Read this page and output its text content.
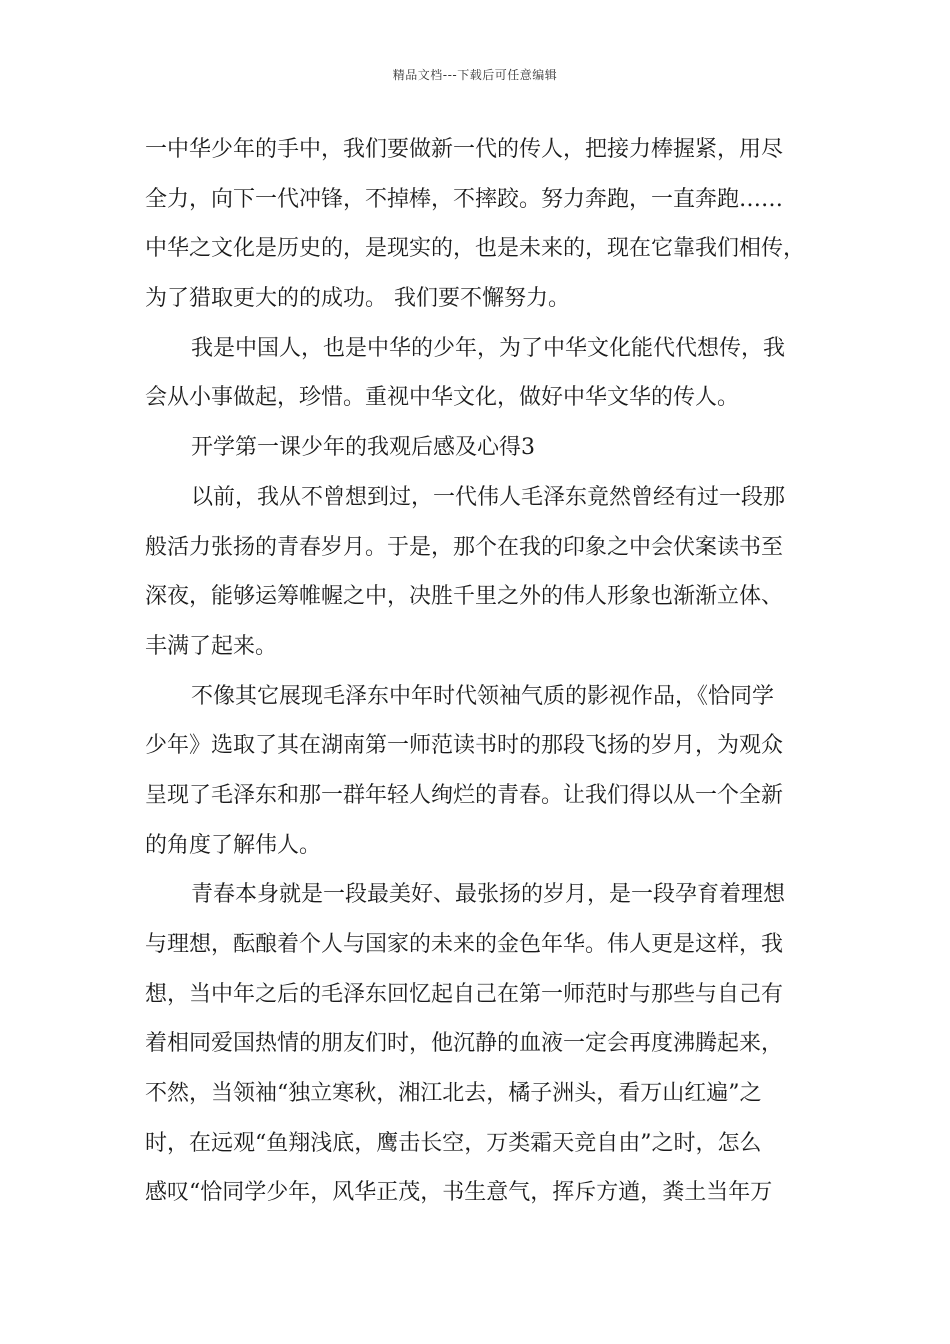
精品文档---下载后可任意编辑
一中华少年的手中，我们要做新一代的传人，把接力棒握紧，用尽
全力，向下一代冲锋，不掉棒，不摔跤。努力奔跑，一直奔跑……
中华之文化是历史的，是现实的，也是未来的，现在它靠我们相传，
为了猎取更大的的成功。 我们要不懈努力。
我是中国人，也是中华的少年，为了中华文化能代代想传，我
会从小事做起，珍惜。重视中华文化，做好中华文华的传人。
开学第一课少年的我观后感及心得3
以前，我从不曾想到过，一代伟人毛泽东竟然曾经有过一段那
般活力张扬的青春岁月。于是，那个在我的印象之中会伏案读书至
深夜，能够运筹帷幄之中，决胜千里之外的伟人形象也渐渐立体、
丰满了起来。
不像其它展现毛泽东中年时代领袖气质的影视作品，《恰同学
少年》选取了其在湖南第一师范读书时的那段飞扬的岁月，为观众
呈现了毛泽东和那一群年轻人绚烂的青春。让我们得以从一个全新
的角度了解伟人。
青春本身就是一段最美好、最张扬的岁月，是一段孕育着理想
与理想，酝酿着个人与国家的未来的金色年华。伟人更是这样，我
想，当中年之后的毛泽东回忆起自己在第一师范时与那些与自己有
着相同爱国热情的朋友们时，他沉静的血液一定会再度沸腾起来，
不然，当领袖“独立寒秋，湘江北去，橘子洲头，看万山红遍”之
时，在远观“鱼翔浅底，鹰击长空，万类霜天竞自由”之时，怎么
感叹“恰同学少年，风华正茂，书生意气，挥斥方遒，粪土当年万
